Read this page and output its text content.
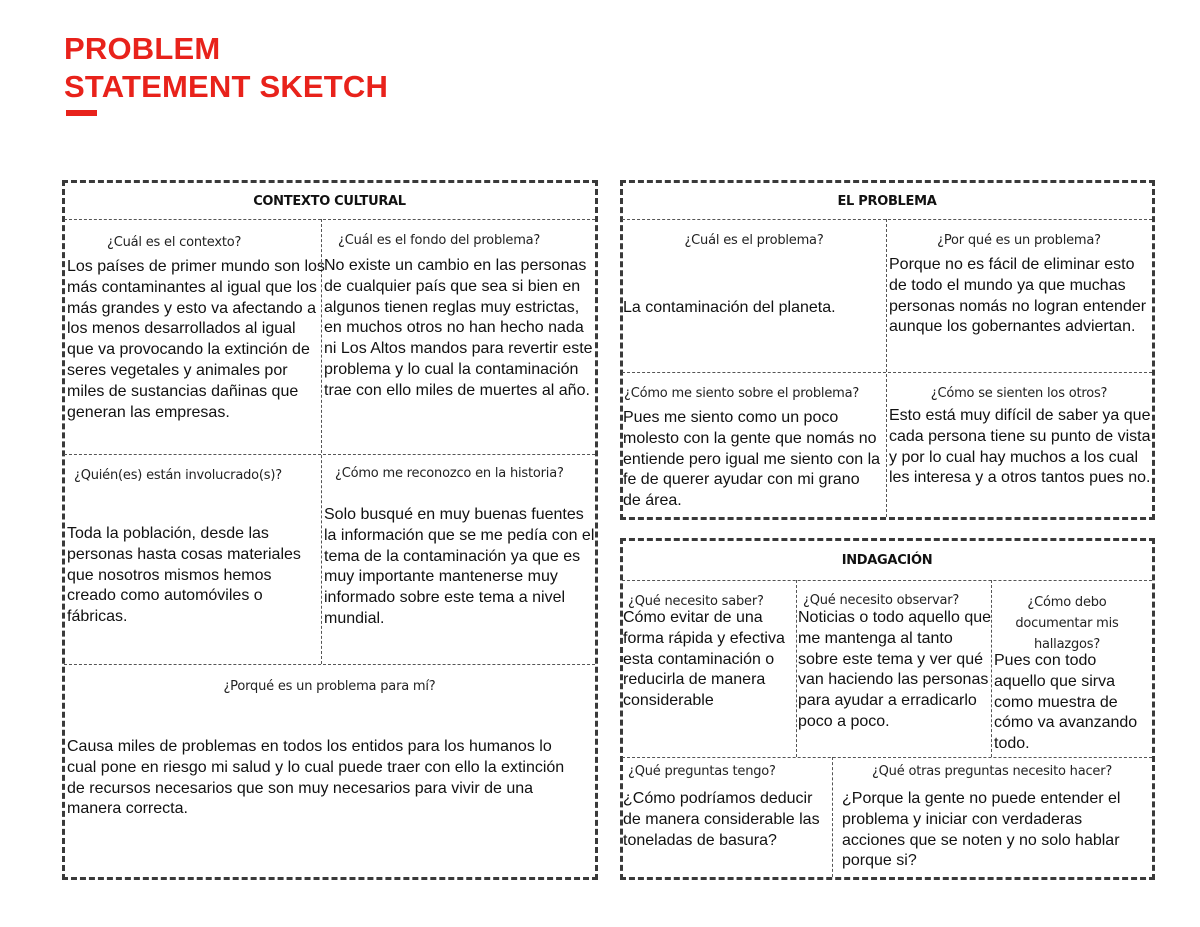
PROBLEM
STATEMENT SKETCH
CONTEXTO CULTURAL
¿Cuál es el contexto?
Los países de primer mundo son los más contaminantes al igual que los más grandes y esto va afectando a los menos desarrollados al igual que va provocando la extinción de seres vegetales y animales por miles de sustancias dañinas que generan las empresas.
¿Cuál es el fondo del problema?
No existe un cambio en las personas de cualquier país que sea si bien en algunos tienen reglas muy estrictas, en muchos otros no han hecho nada ni Los Altos mandos para revertir este problema y lo cual la contaminación trae con ello miles de muertes al año.
¿Quién(es) están involucrado(s)?
Toda la población, desde las personas hasta cosas materiales que nosotros mismos hemos creado como automóviles o fábricas.
¿Cómo me reconozco en la historia?
Solo busqué en muy buenas fuentes la información que se me pedía con el tema de la contaminación ya que es muy importante mantenerse muy informado sobre este tema a nivel mundial.
¿Porqué es un problema para mí?
Causa miles de problemas en todos los entidos para los humanos lo cual pone en riesgo mi salud y lo cual puede traer con ello la extinción de recursos necesarios que son muy necesarios para vivir de una manera correcta.
EL PROBLEMA
¿Cuál es el problema?
La contaminación del planeta.
¿Por qué es un problema?
Porque no es fácil de eliminar esto de todo el mundo ya que muchas personas nomás no logran entender aunque los gobernantes adviertan.
¿Cómo me siento sobre el problema?
Pues me siento como un poco molesto con la gente que nomás no entiende pero igual me siento con la fe de querer ayudar con mi grano de área.
¿Cómo se sienten los otros?
Esto está muy difícil de saber ya que cada persona tiene su punto de vista y por lo cual hay muchos a los cual les interesa y a otros tantos pues no.
INDAGACIÓN
¿Qué necesito saber?
Cómo evitar de una forma rápida y efectiva esta contaminación o reducirla de manera considerable
¿Qué necesito observar?
Noticias o todo aquello que me mantenga al tanto sobre este tema y ver qué van haciendo las personas para ayudar a erradicarlo poco a poco.
¿Cómo debo documentar mis hallazgos?
Pues con todo aquello que sirva como muestra de cómo va avanzando todo.
¿Qué preguntas tengo?
¿Cómo podríamos deducir de manera considerable las toneladas de basura?
¿Qué otras preguntas necesito hacer?
¿Porque la gente no puede entender el problema y iniciar con verdaderas acciones que se noten y no solo hablar porque si?
